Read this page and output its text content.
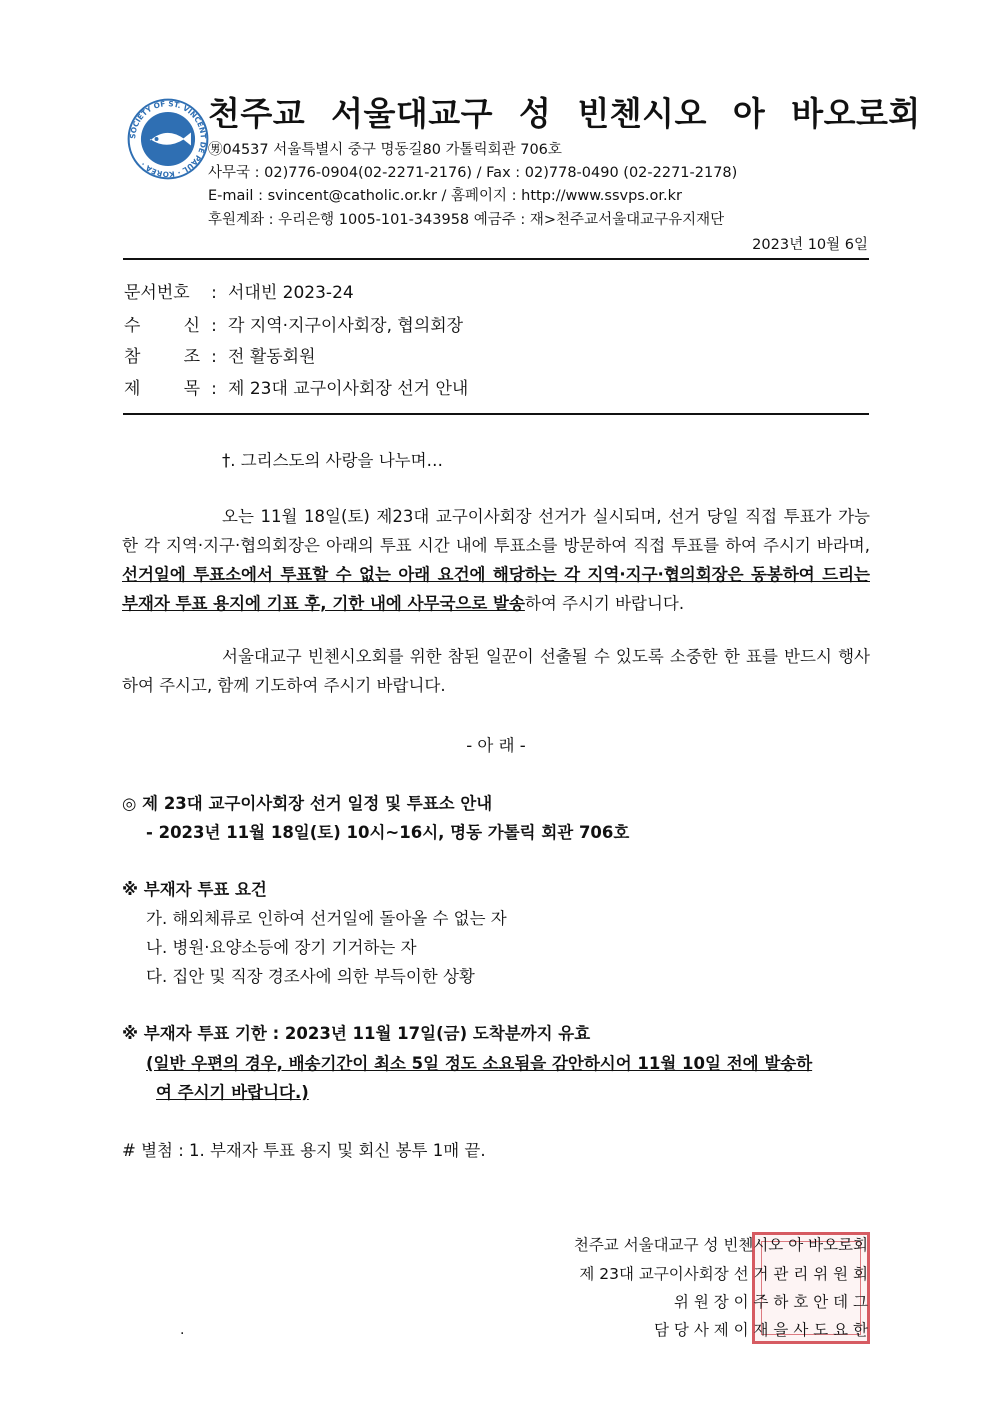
SOCIETY OF ST. VINCENT DE PAUL · KOREA ·
천주교 서울대교구 성 빈첸시오 아 바오로회
㊚04537 서울특별시 중구 명동길80 가톨릭회관 706호
사무국 : 02)776-0904(02-2271-2176) / Fax : 02)778-0490 (02-2271-2178)
E-mail : svincent@catholic.or.kr / 홈페이지 : http://www.ssvps.or.kr
후원계좌 : 우리은행 1005-101-343958 예금주 : 재>천주교서울대교구유지재단
2023년 10월 6일
문서번호 : 서대빈 2023-24
수 신 : 각 지역·지구이사회장, 협의회장
참 조 : 전 활동회원
제 목 : 제 23대 교구이사회장 선거 안내
†. 그리스도의 사랑을 나누며…
오는 11월 18일(토) 제23대 교구이사회장 선거가 실시되며, 선거 당일 직접 투표가 가능한 각 지역·지구·협의회장은 아래의 투표 시간 내에 투표소를 방문하여 직접 투표를 하여 주시기 바라며, 선거일에 투표소에서 투표할 수 없는 아래 요건에 해당하는 각 지역·지구·협의회장은 동봉하여 드리는 부재자 투표 용지에 기표 후, 기한 내에 사무국으로 발송하여 주시기 바랍니다.
서울대교구 빈첸시오회를 위한 참된 일꾼이 선출될 수 있도록 소중한 한 표를 반드시 행사하여 주시고, 함께 기도하여 주시기 바랍니다.
- 아 래 -
◎ 제 23대 교구이사회장 선거 일정 및 투표소 안내
- 2023년 11월 18일(토) 10시~16시, 명동 가톨릭 회관 706호
※ 부재자 투표 요건
가. 해외체류로 인하여 선거일에 돌아올 수 없는 자
나. 병원·요양소등에 장기 기거하는 자
다. 집안 및 직장 경조사에 의한 부득이한 상황
※ 부재자 투표 기한 : 2023년 11월 17일(금) 도착분까지 유효
(일반 우편의 경우, 배송기간이 최소 5일 정도 소요됨을 감안하시어 11월 10일 전에 발송하
여 주시기 바랍니다.)
# 별첨 : 1. 부재자 투표 용지 및 회신 봉투 1매 끝.
천주교 서울대교구 성 빈첸시오 아 바오로회
제 23대 교구이사회장 선 거 관 리 위 원 회
위 원 장 이 주 하 호 안 데 그
담 당 사 제 이 재 을 사 도 요 한
.
